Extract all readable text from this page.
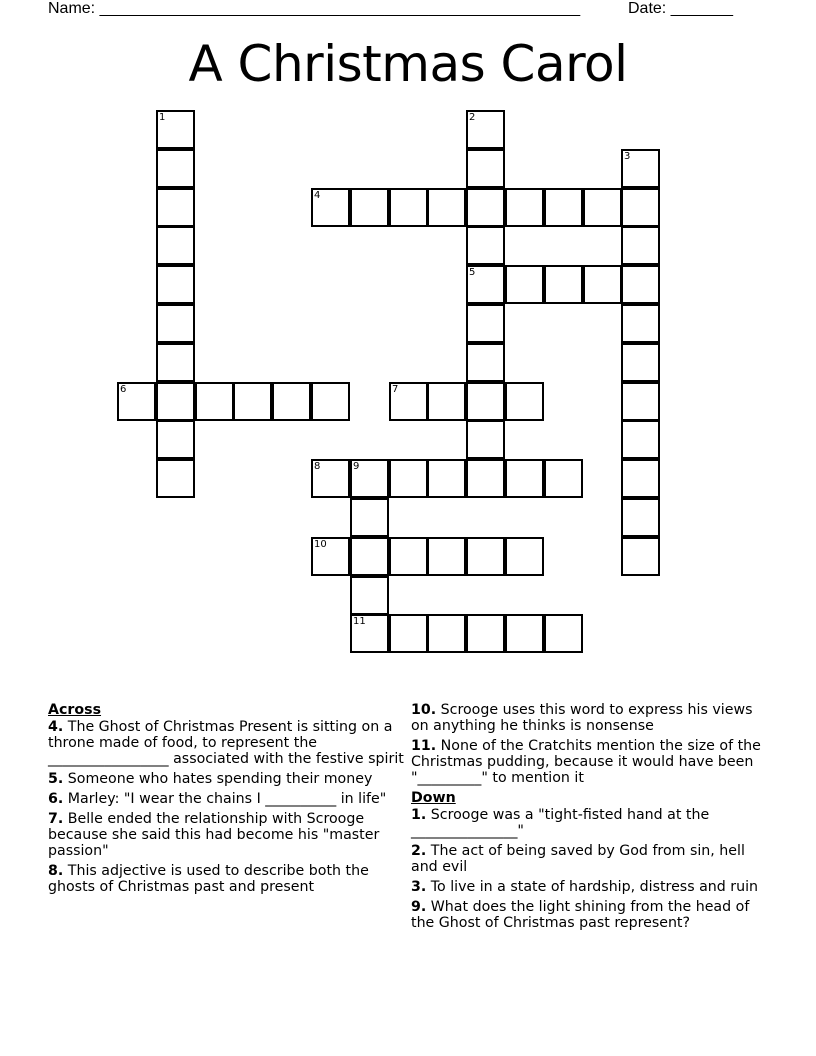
Name: ______________________________________________________	Date: _______
A Christmas Carol
1	2
5
3
4
6	7
8	9
11
10
Across
4. The Ghost of Christmas Present is sitting on a throne made of food, to represent the _________________ associated with the festive spirit
5. Someone who hates spending their money
6. Marley: "I wear the chains I __________ in life"
7. Belle ended the relationship with Scrooge because she said this had become his "master passion"
8. This adjective is used to describe both the ghosts of Christmas past and present
10. Scrooge uses this word to express his views on anything he thinks is nonsense
11. None of the Cratchits mention the size of the Christmas pudding, because it would have been "_________" to mention it
Down
1. Scrooge was a "tight-fisted hand at the _______________"
2. The act of being saved by God from sin, hell and evil
3. To live in a state of hardship, distress and ruin
9. What does the light shining from the head of the Ghost of Christmas past represent?
